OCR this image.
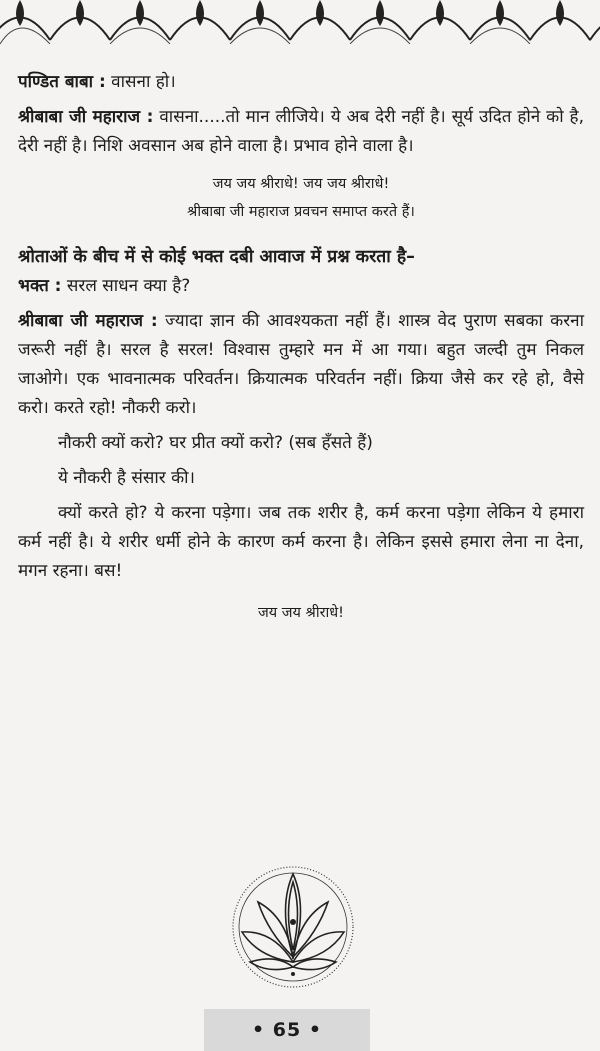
पण्डित बाबा : वासना हो।

श्रीबाबा जी महाराज : वासना.....तो मान लीजिये। ये अब देरी नहीं है। सूर्य उदित होने को है, देरी नहीं है। निशि अवसान अब होने वाला है। प्रभाव होने वाला है।

जय जय श्रीराधे! जय जय श्रीराधे!

श्रीबाबा जी महाराज प्रवचन समाप्त करते हैं।

श्रोताओं के बीच में से कोई भक्त दबी आवाज में प्रश्न करता है–

भक्त : सरल साधन क्या है?

श्रीबाबा जी महाराज : ज्यादा ज्ञान की आवश्यकता नहीं हैं। शास्त्र वेद पुराण सबका करना जरूरी नहीं है। सरल है सरल! विश्वास तुम्हारे मन में आ गया। बहुत जल्दी तुम निकल जाओगे। एक भावनात्मक परिवर्तन। क्रियात्मक परिवर्तन नहीं। क्रिया जैसे कर रहे हो, वैसे करो। करते रहो! नौकरी करो।

नौकरी क्यों करो? घर प्रीत क्यों करो? (सब हँसते हैं)

ये नौकरी है संसार की।

क्यों करते हो? ये करना पड़ेगा। जब तक शरीर है, कर्म करना पड़ेगा लेकिन ये हमारा कर्म नहीं है। ये शरीर धर्मी होने के कारण कर्म करना है। लेकिन इससे हमारा लेना ना देना, मगन रहना। बस!

जय जय श्रीराधे!

• 65 •
